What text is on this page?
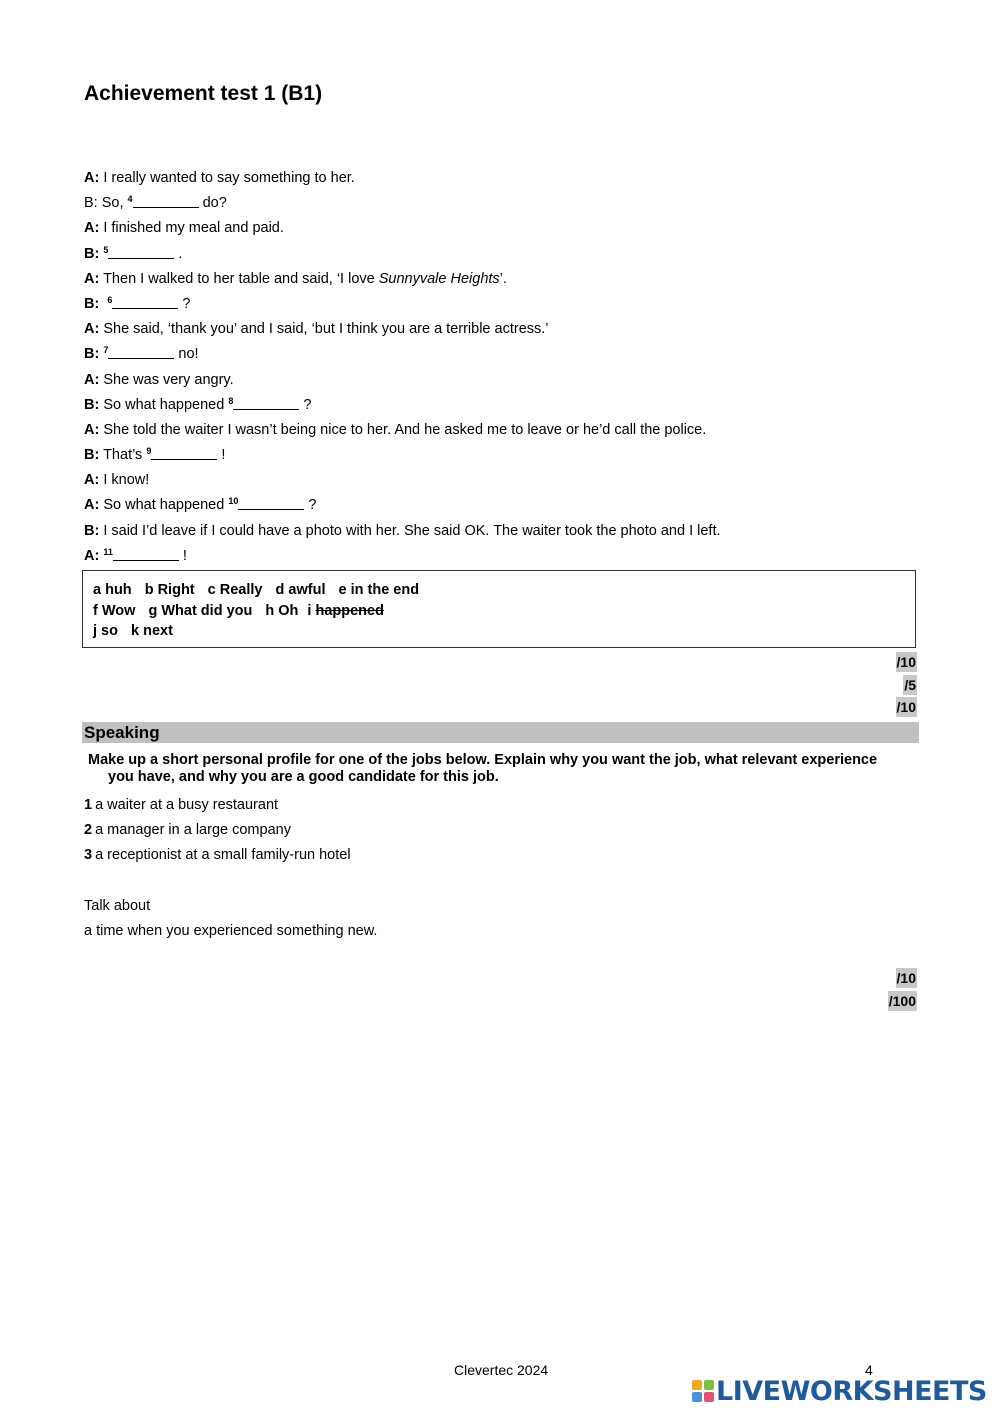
Achievement test 1 (B1)
A: I really wanted to say something to her.
B: So, $^4$	do?
A: I finished my meal and paid.
B: $^5$	.
A: Then I walked to her table and said, ‘I love Sunnyvale Heights’.
B: $^6$	?
A: She said, ‘thank you’ and I said, ‘but I think you are a terrible actress.’
B: $^7$	no!
A: She was very angry.
B: So what happened $^8$	?
A: She told the waiter I wasn’t being nice to her. And he asked me to leave or he’d call the police.
B: That’s $^9$	!
A: I know!
A: So what happened $^{10}$	?
B: I said I’d leave if I could have a photo with her. She said OK. The waiter took the photo and I left.
A: $^{11}$	!
a huh b Right c Really d awful e in the end
f Wow g What did you h Oh i happened
j so k next
/10
/5
/10
Speaking
Make up a short personal profile for one of the jobs below. Explain why you want the job, what relevant experience
you have, and why you are a good candidate for this job.
1 a waiter at a busy restaurant
2 a manager in a large company
3 a receptionist at a small family-run hotel
Talk about
a time when you experienced something new.
/10
/100
Clevertec 2024	4
LIVEWORKSHEETS
